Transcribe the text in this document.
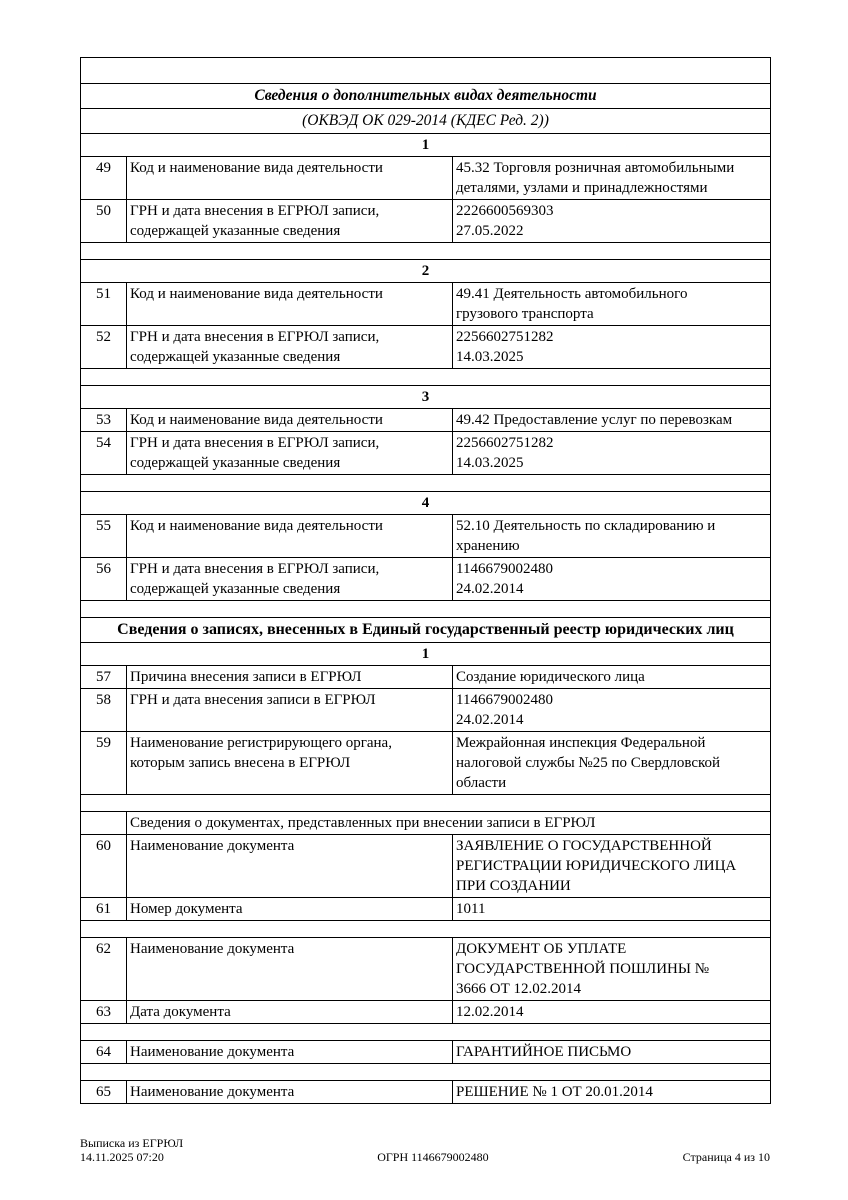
Сведения о дополнительных видах деятельности		
(ОКВЭД ОК 029-2014 (КДЕС Ред. 2))		
1		
49	Код и наименование вида деятельности	45.32 Торговля розничная автомобильными
деталями, узлами и принадлежностями
50	ГРН и дата внесения в ЕГРЮЛ записи, содержащей указанные сведения	2226600569303
27.05.2022

2		
51	Код и наименование вида деятельности	49.41 Деятельность автомобильного
грузового транспорта
52	ГРН и дата внесения в ЕГРЮЛ записи, содержащей указанные сведения	2256602751282
14.03.2025

3		
53	Код и наименование вида деятельности	49.42 Предоставление услуг по перевозкам
54	ГРН и дата внесения в ЕГРЮЛ записи, содержащей указанные сведения	2256602751282
14.03.2025

4		
55	Код и наименование вида деятельности	52.10 Деятельность по складированию и
хранению
56	ГРН и дата внесения в ЕГРЮЛ записи, содержащей указанные сведения	1146679002480
24.02.2014

Сведения о записях, внесенных в Единый государственный реестр юридических лиц		
1		
57	Причина внесения записи в ЕГРЮЛ	Создание юридического лица
58	ГРН и дата внесения записи в ЕГРЮЛ	1146679002480
24.02.2014
59	Наименование регистрирующего органа, которым запись внесена в ЕГРЮЛ	Межрайонная инспекция Федеральной
налоговой службы №25 по Свердловской
области

	Сведения о документах, представленных при внесении записи в ЕГРЮЛ	
60	Наименование документа	ЗАЯВЛЕНИЕ О ГОСУДАРСТВЕННОЙ
РЕГИСТРАЦИИ ЮРИДИЧЕСКОГО ЛИЦА
ПРИ СОЗДАНИИ
61	Номер документа	1011

62	Наименование документа	ДОКУМЕНТ ОБ УПЛАТЕ
ГОСУДАРСТВЕННОЙ ПОШЛИНЫ №
3666 ОТ 12.02.2014
63	Дата документа	12.02.2014

64	Наименование документа	ГАРАНТИЙНОЕ ПИСЬМО

65	Наименование документа	РЕШЕНИЕ № 1 ОТ 20.01.2014
Выписка из ЕГРЮЛ
14.11.2025 07:20	ОГРН 1146679002480	Страница 4 из 10
